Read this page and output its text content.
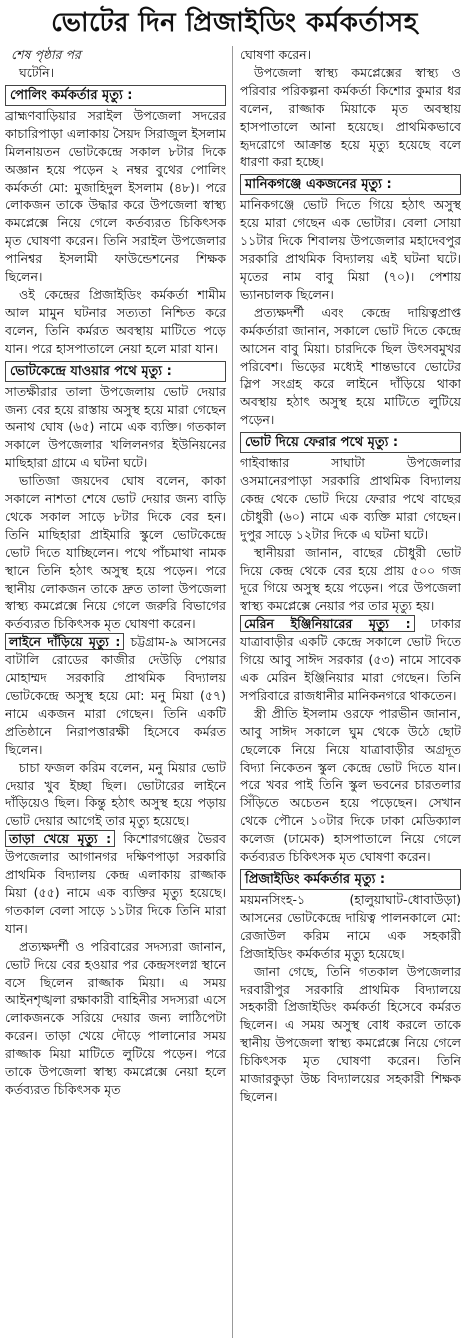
ভোটের দিন প্রিজাইডিং কর্মকর্তাসহ
শেষ পৃষ্ঠার পর

ঘটেনি।

পোলিং কর্মকর্তার মৃত্যু :

ব্রাহ্মণবাড়িয়ার সরাইল উপজেলা সদরের কাচারিপাড়া এলাকায় সৈয়দ সিরাজুল ইসলাম মিলনায়তন ভোটকেন্দ্রে সকাল ৮টার দিকে অজ্ঞান হয়ে পড়েন ২ নম্বর বুথের পোলিং কর্মকর্তা মো: মুজাহিদুল ইসলাম (৪৮)। পরে লোকজন তাকে উদ্ধার করে উপজেলা স্বাস্থ্য কমপ্লেক্সে নিয়ে গেলে কর্তব্যরত চিকিৎসক মৃত ঘোষণা করেন। তিনি সরাইল উপজেলার পানিশ্বর ইসলামী ফাউন্ডেশনের শিক্ষক ছিলেন।

ওই কেন্দ্রের প্রিজাইডিং কর্মকর্তা শামীম আল মামুন ঘটনার সত্যতা নিশ্চিত করে বলেন, তিনি কর্মরত অবস্থায় মাটিতে পড়ে যান। পরে হাসপাতালে নেয়া হলে মারা যান।

ভোটকেন্দ্রে যাওয়ার পথে মৃত্যু :

সাতক্ষীরার তালা উপজেলায় ভোট দেয়ার জন্য বের হয়ে রাস্তায় অসুস্থ হয়ে মারা গেছেন অনাথ ঘোষ (৬৫) নামে এক ব্যক্তি। গতকাল সকালে উপজেলার খলিলনগর ইউনিয়নের মাছিহারা গ্রামে এ ঘটনা ঘটে।

ভাতিজা জয়দেব ঘোষ বলেন, কাকা সকালে নাশতা শেষে ভোট দেয়ার জন্য বাড়ি থেকে সকাল সাড়ে ৮টার দিকে বের হন। তিনি মাছিহারা প্রাইমারি স্কুলে ভোটকেন্দ্রে ভোট দিতে যাচ্ছিলেন। পথে পাঁচমাথা নামক স্থানে তিনি হঠাৎ অসুস্থ হয়ে পড়েন। পরে স্থানীয় লোকজন তাকে দ্রুত তালা উপজেলা স্বাস্থ্য কমপ্লেক্সে নিয়ে গেলে জরুরি বিভাগের কর্তব্যরত চিকিৎসক মৃত ঘোষণা করেন।

লাইনে দাঁড়িয়ে মৃত্যু : চট্টগ্রাম-৯ আসনের বাটালি রোডের কাজীর দেউড়ি পেয়ার মোহাম্মদ সরকারি প্রাথমিক বিদ্যালয় ভোটকেন্দ্রে অসুস্থ হয়ে মো: মনু মিয়া (৫৭) নামে একজন মারা গেছেন। তিনি একটি প্রতিষ্ঠানে নিরাপত্তারক্ষী হিসেবে কর্মরত ছিলেন।

চাচা ফজল করিম বলেন, মনু মিয়ার ভোট দেয়ার খুব ইচ্ছা ছিল। ভোটারের লাইনে দাঁড়িয়েও ছিল। কিন্তু হঠাৎ অসুস্থ হয়ে পড়ায় ভোট দেয়ার আগেই তার মৃত্যু হয়েছে।

তাড়া খেয়ে মৃত্যু : কিশোরগঞ্জের ভৈরব উপজেলার আগানগর দক্ষিণপাড়া সরকারি প্রাথমিক বিদ্যালয় কেন্দ্র এলাকায় রাজ্জাক মিয়া (৫৫) নামে এক ব্যক্তির মৃত্যু হয়েছে। গতকাল বেলা সাড়ে ১১টার দিকে তিনি মারা যান।

প্রত্যক্ষদর্শী ও পরিবারের সদস্যরা জানান, ভোট দিয়ে বের হওয়ার পর কেন্দ্রসংলগ্ন স্থানে বসে ছিলেন রাজ্জাক মিয়া। এ সময় আইনশৃঙ্খলা রক্ষাকারী বাহিনীর সদস্যরা এসে লোকজনকে সরিয়ে দেয়ার জন্য লাঠিপেটা করেন। তাড়া খেয়ে দৌড়ে পালানোর সময় রাজ্জাক মিয়া মাটিতে লুটিয়ে পড়েন। পরে তাকে উপজেলা স্বাস্থ্য কমপ্লেক্সে নেয়া হলে কর্তব্যরত চিকিৎসক মৃত

ঘোষণা করেন।

উপজেলা স্বাস্থ্য কমপ্লেক্সের স্বাস্থ্য ও পরিবার পরিকল্পনা কর্মকর্তা কিশোর কুমার ধর বলেন, রাজ্জাক মিয়াকে মৃত অবস্থায় হাসপাতালে আনা হয়েছে। প্রাথমিকভাবে হৃদরোগে আক্রান্ত হয়ে মৃত্যু হয়েছে বলে ধারণা করা হচ্ছে।

মানিকগঞ্জে একজনের মৃত্যু :

মানিকগঞ্জে ভোট দিতে গিয়ে হঠাৎ অসুস্থ হয়ে মারা গেছেন এক ভোটার। বেলা সোয়া ১১টার দিকে শিবালয় উপজেলার মহাদেবপুর সরকারি প্রাথমিক বিদ্যালয় এই ঘটনা ঘটে। মৃতের নাম বাবু মিয়া (৭০)। পেশায় ভ্যানচালক ছিলেন।

প্রত্যক্ষদর্শী এবং কেন্দ্রে দায়িত্বপ্রাপ্ত কর্মকর্তারা জানান, সকালে ভোট দিতে কেন্দ্রে আসেন বাবু মিয়া। চারদিকে ছিল উৎসবমুখর পরিবেশ। ভিড়ের মধ্যেই শান্তভাবে ভোটের স্লিপ সংগ্রহ করে লাইনে দাঁড়িয়ে থাকা অবস্থায় হঠাৎ অসুস্থ হয়ে মাটিতে লুটিয়ে পড়েন।

ভোট দিয়ে ফেরার পথে মৃত্যু :

গাইবান্ধার সাঘাটা উপজেলার ওসমানেরপাড়া সরকারি প্রাথমিক বিদ্যালয় কেন্দ্র থেকে ভোট দিয়ে ফেরার পথে বাছের চৌধুরী (৬০) নামে এক ব্যক্তি মারা গেছেন। দুপুর সাড়ে ১২টার দিকে এ ঘটনা ঘটে।

স্থানীয়রা জানান, বাছের চৌধুরী ভোট দিয়ে কেন্দ্র থেকে বের হয়ে প্রায় ৫০০ গজ দূরে গিয়ে অসুস্থ হয়ে পড়েন। পরে উপজেলা স্বাস্থ্য কমপ্লেক্সে নেয়ার পর তার মৃত্যু হয়।

মেরিন ইঞ্জিনিয়ারের মৃত্যু : ঢাকার যাত্রাবাড়ীর একটি কেন্দ্রে সকালে ভোট দিতে গিয়ে আবু সাঈদ সরকার (৫৩) নামে সাবেক এক মেরিন ইঞ্জিনিয়ার মারা গেছেন। তিনি সপরিবারে রাজধানীর মানিকনগরে থাকতেন।

স্ত্রী প্রীতি ইসলাম ওরফে পারভীন জানান, আবু সাঈদ সকালে ঘুম থেকে উঠে ছোট ছেলেকে নিয়ে নিয়ে যাত্রাবাড়ীর অগ্রদূত বিদ্যা নিকেতন স্কুল কেন্দ্রে ভোট দিতে যান। পরে খবর পাই তিনি স্কুল ভবনের চারতলার সিঁড়িতে অচেতন হয়ে পড়েছেন। সেখান থেকে পৌনে ১০টার দিকে ঢাকা মেডিক্যাল কলেজ (ঢামেক) হাসপাতালে নিয়ে গেলে কর্তব্যরত চিকিৎসক মৃত ঘোষণা করেন।

প্রিজাইডিং কর্মকর্তার মৃত্যু :

ময়মনসিংহ-১ (হালুয়াঘাট-ধোবাউড়া) আসনের ভোটকেন্দ্রে দায়িত্ব পালনকালে মো: রেজাউল করিম নামে এক সহকারী প্রিজাইডিং কর্মকর্তার মৃত্যু হয়েছে।

জানা গেছে, তিনি গতকাল উপজেলার দরবারীপুর সরকারি প্রাথমিক বিদ্যালয়ে সহকারী প্রিজাইডিং কর্মকর্তা হিসেবে কর্মরত ছিলেন। এ সময় অসুস্থ বোধ করলে তাকে স্থানীয় উপজেলা স্বাস্থ্য কমপ্লেক্সে নিয়ে গেলে চিকিৎসক মৃত ঘোষণা করেন। তিনি মাজারকুড়া উচ্চ বিদ্যালয়ের সহকারী শিক্ষক ছিলেন।
